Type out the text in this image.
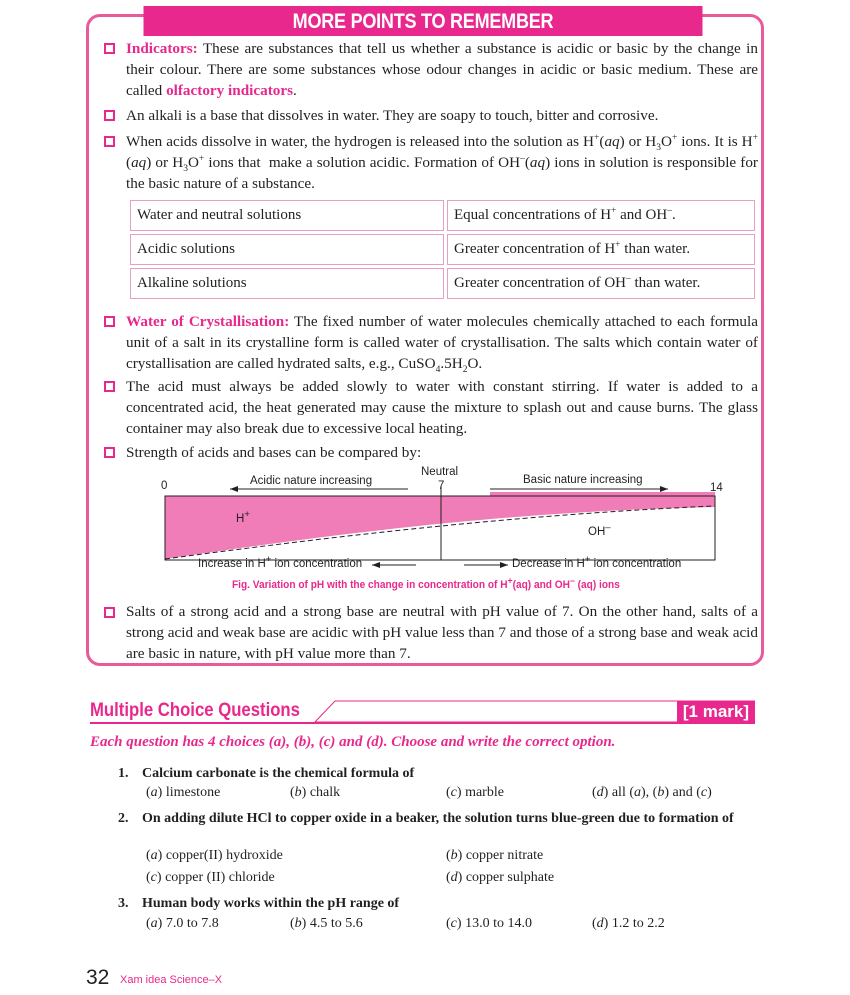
MORE POINTS TO REMEMBER
Indicators: These are substances that tell us whether a substance is acidic or basic by the change in their colour. There are some substances whose odour changes in acidic or basic medium. These are called olfactory indicators.
An alkali is a base that dissolves in water. They are soapy to touch, bitter and corrosive.
When acids dissolve in water, the hydrogen is released into the solution as H+(aq) or $H_3O^+$ ions. It is H+(aq) or $H_3O^+$ ions that  make a solution acidic. Formation of OH–(aq) ions in solution is responsible for the basic nature of a substance.
Water and neutral solutions	Equal concentrations of H+ and OH–.
Acidic solutions	Greater concentration of H+ than water.
Alkaline solutions	Greater concentration of OH– than water.
Water of Crystallisation: The fixed number of water molecules chemically attached to each formula unit of a salt in its crystalline form is called water of crystallisation. The salts which contain water of crystallisation are called hydrated salts, e.g., $CuSO_4.5H_2O$.
The acid must always be added slowly to water with constant stirring. If water is added to a concentrated acid, the heat generated may cause the mixture to splash out and cause burns. The glass container may also break due to excessive local heating.
Strength of acids and bases can be compared by:
0
Neutral
7	14
Acidic nature increasing	Basic nature increasing
H+
OH–
Increase in H+ ion concentration	Decrease in H+ ion concentration
Fig. Variation of pH with the change in concentration of H+(aq) and OH– (aq) ions
Salts of a strong acid and a strong base are neutral with pH value of 7. On the other hand, salts of a strong acid and weak base are acidic with pH value less than 7 and those of a strong base and weak acid are basic in nature, with pH value more than 7.
Multiple Choice Questions	[1 mark]
Each question has 4 choices (a), (b), (c) and (d). Choose and write the correct option.
1. Calcium carbonate is the chemical formula of
(a) limestone	(b) chalk	(c) marble	(d) all (a), (b) and (c)
2. On adding dilute HCl to copper oxide in a beaker, the solution turns blue-green due to formation of
(a) copper(II) hydroxide	(b) copper nitrate
(c) copper (II) chloride	(d) copper sulphate
3. Human body works within the pH range of
(a) 7.0 to 7.8	(b) 4.5 to 5.6	(c) 13.0 to 14.0	(d) 1.2 to 2.2
32 Xam idea Science–X
